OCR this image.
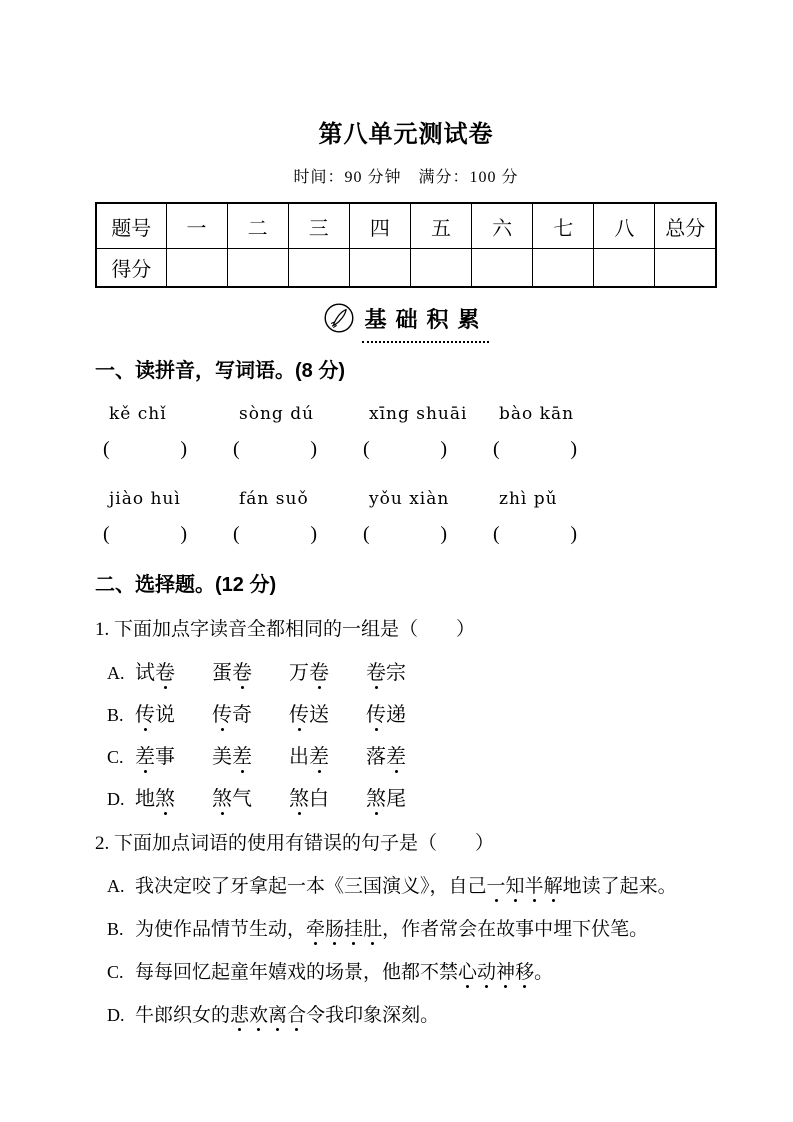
第八单元测试卷
时间：90 分钟　满分：100 分
题号	一	二	三	四	五	六	七	八	总分
得分									
基础积累
一、读拼音，写词语。(8 分)
kě chǐ	sòng dú	xīng shuāi	bào kān
(	) (	) (	) (	)
jiào huì	fán suǒ	yǒu xiàn	zhì pǔ
(	) (	) (	) (	)
二、选择题。(12 分)
1. 下面加点字读音全都相同的一组是（　　）
A. 试卷 蛋卷 万卷 卷宗
B. 传说 传奇 传送 传递
C. 差事 美差 出差 落差
D. 地煞 煞气 煞白 煞尾
2. 下面加点词语的使用有错误的句子是（　　）
A. 我决定咬了牙拿起一本《三国演义》，自己一知半解地读了起来。
B. 为使作品情节生动，牵肠挂肚，作者常会在故事中埋下伏笔。
C. 每每回忆起童年嬉戏的场景，他都不禁心动神移。
D. 牛郎织女的悲欢离合令我印象深刻。
